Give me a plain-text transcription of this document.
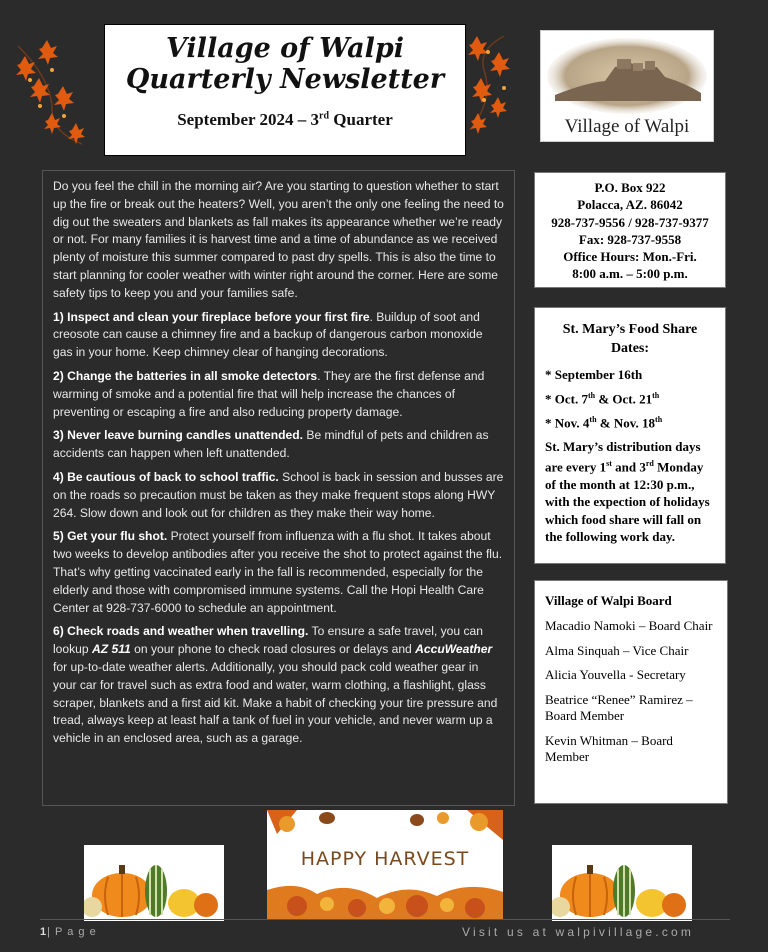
Village of Walpi
Quarterly Newsletter
September 2024 – 3rd Quarter	Village of Walpi

Do you feel the chill in the morning air? Are you starting to question whether to start up the fire or break out the heaters? Well, you aren’t the only one feeling the need to dig out the sweaters and blankets as fall makes its appearance whether we’re ready or not. For many families it is harvest time and a time of abundance as we received plenty of moisture this summer compared to past dry spells. This is also the time to start planning for cooler weather with winter right around the corner. Here are some safety tips to keep you and your families safe.

1) Inspect and clean your fireplace before your first fire. Buildup of soot and creosote can cause a chimney fire and a backup of dangerous carbon monoxide gas in your home. Keep chimney clear of hanging decorations.

2) Change the batteries in all smoke detectors. They are the first defense and warming of smoke and a potential fire that will help increase the chances of preventing or escaping a fire and also reducing property damage.

3) Never leave burning candles unattended. Be mindful of pets and children as accidents can happen when left unattended.

4) Be cautious of back to school traffic. School is back in session and busses are on the roads so precaution must be taken as they make frequent stops along HWY 264. Slow down and look out for children as they make their way home.

5) Get your flu shot. Protect yourself from influenza with a flu shot. It takes about two weeks to develop antibodies after you receive the shot to protect against the flu. That’s why getting vaccinated early in the fall is recommended, especially for the elderly and those with compromised immune systems. Call the Hopi Health Care Center at 928-737-6000 to schedule an appointment.

6) Check roads and weather when travelling. To ensure a safe travel, you can lookup AZ 511 on your phone to check road closures or delays and AccuWeather for up-to-date weather alerts. Additionally, you should pack cold weather gear in your car for travel such as extra food and water, warm clothing, a flashlight, glass scraper, blankets and a first aid kit. Make a habit of checking your tire pressure and tread, always keep at least half a tank of fuel in your vehicle, and never warm up a vehicle in an enclosed area, such as a garage.

P.O. Box 922
Polacca, AZ. 86042
928-737-9556 / 928-737-9377
Fax: 928-737-9558
Office Hours: Mon.-Fri.
8:00 a.m. – 5:00 p.m.
St. Mary’s Food Share Dates:
* September 16th
* Oct. 7th & Oct. 21th
* Nov. 4th & Nov. 18th
St. Mary’s distribution days are every 1st and 3rd Monday of the month at 12:30 p.m., with the expection of holidays which food share will fall on the following work day.
Village of Walpi Board
Macadio Namoki – Board Chair
Alma Sinquah – Vice Chair
Alicia Youvella - Secretary
Beatrice “Renee” Ramirez – Board Member
Kevin Whitman – Board Member
HAPPY HARVEST
1| P a g e	Visit us at walpivillage.com
